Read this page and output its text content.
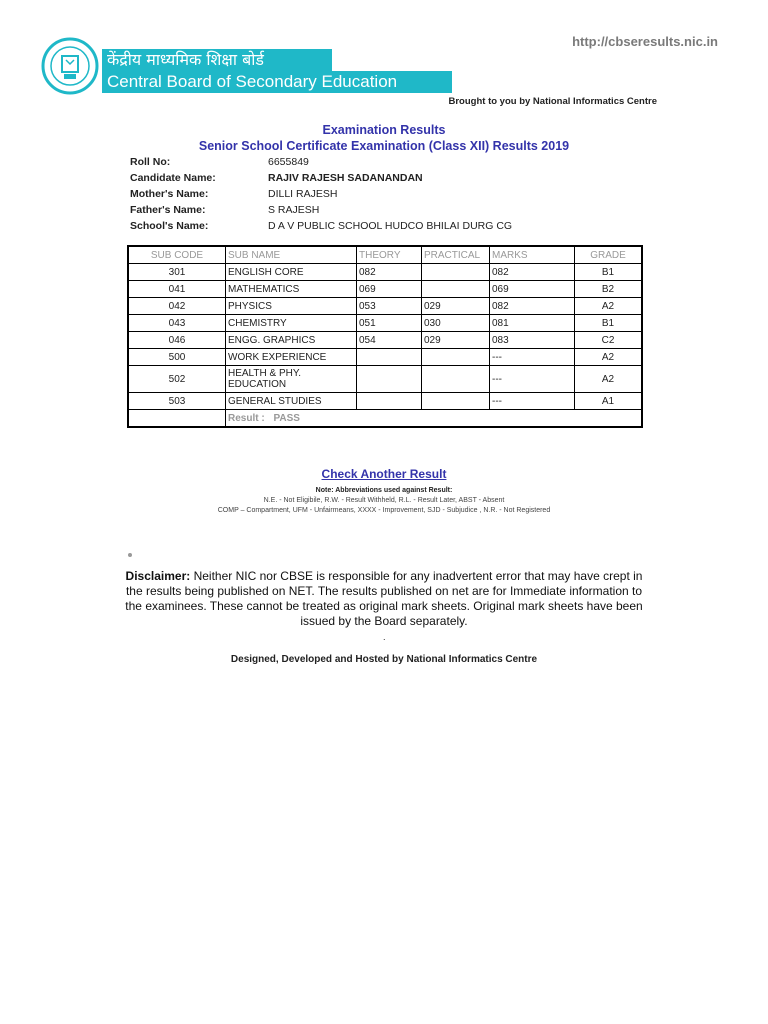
http://cbseresults.nic.in
केंद्रीय माध्यमिक शिक्षा बोर्ड
Central Board of Secondary Education
Brought to you by National Informatics Centre
Examination Results
Senior School Certificate Examination (Class XII) Results 2019
Roll No:	6655849
Candidate Name:	RAJIV RAJESH SADANANDAN
Mother's Name:	DILLI RAJESH
Father's Name:	S RAJESH
School's Name:	D A V PUBLIC SCHOOL HUDCO BHILAI DURG CG
SUB CODE	SUB NAME	THEORY	PRACTICAL	MARKS	GRADE
301	ENGLISH CORE	082		082	B1
041	MATHEMATICS	069		069	B2
042	PHYSICS	053	029	082	A2
043	CHEMISTRY	051	030	081	B1
046	ENGG. GRAPHICS	054	029	083	C2
500	WORK EXPERIENCE			---	A2
502	HEALTH & PHY. EDUCATION			---	A2
503	GENERAL STUDIES			---	A1
	Result : PASS				
Check Another Result
Note: Abbreviations used against Result:
N.E. - Not Eligibile, R.W. - Result Withheld, R.L. - Result Later, ABST - Absent
COMP – Compartment, UFM - Unfairmeans, XXXX - Improvement, SJD - Subjudice , N.R. - Not Registered
Disclaimer: Neither NIC nor CBSE is responsible for any inadvertent error that may have crept in the results being published on NET. The results published on net are for Immediate information to the examinees. These cannot be treated as original mark sheets. Original mark sheets have been issued by the Board separately.
.
Designed, Developed and Hosted by National Informatics Centre
